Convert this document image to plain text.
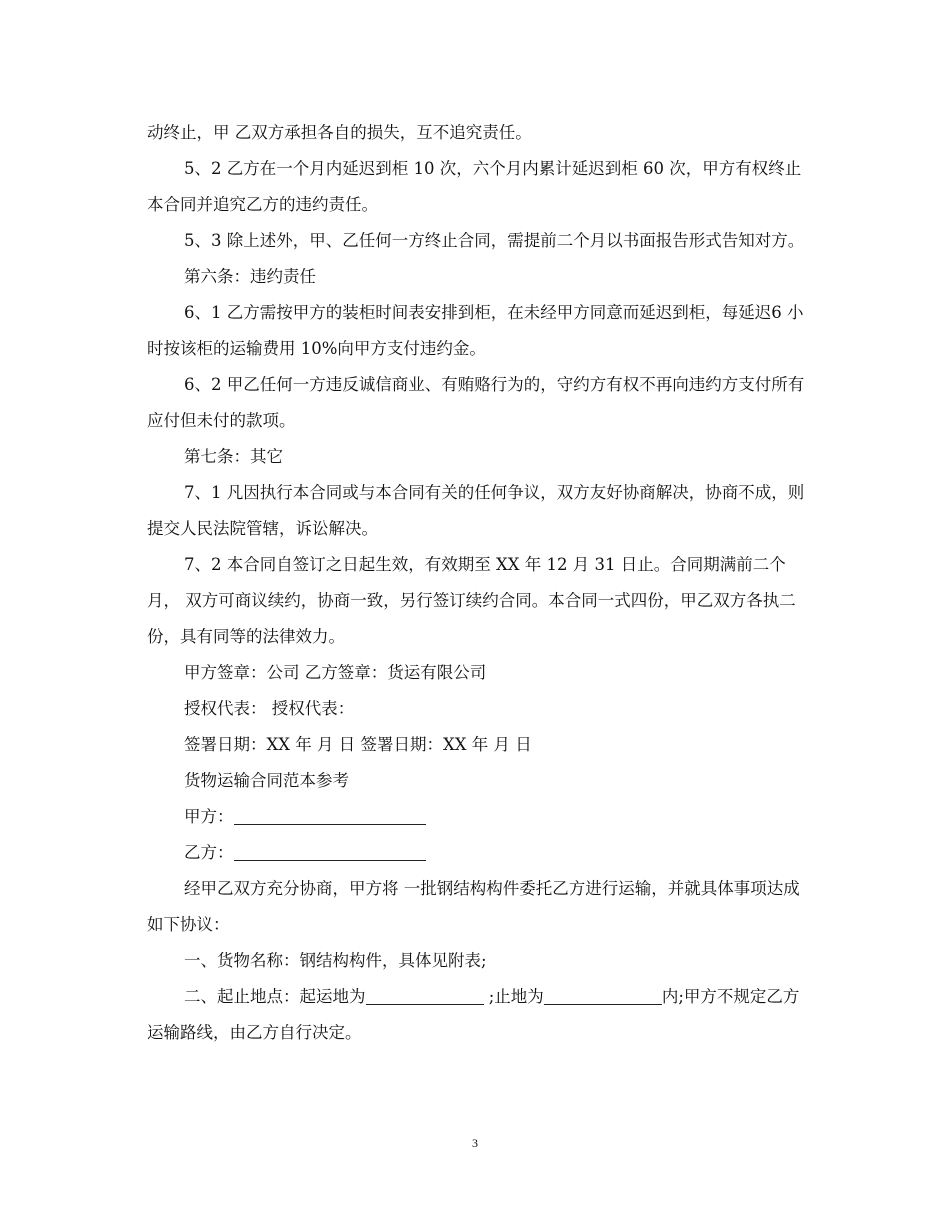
动终止，甲 乙双方承担各自的损失，互不追究责任。

5、2 乙方在一个月内延迟到柜 10 次，六个月内累计延迟到柜 60 次，甲方有权终止本合同并追究乙方的违约责任。

5、3 除上述外，甲、乙任何一方终止合同，需提前二个月以书面报告形式告知对方。

第六条：违约责任

6、1 乙方需按甲方的装柜时间表安排到柜，在未经甲方同意而延迟到柜，每延迟6 小时按该柜的运输费用 10%向甲方支付违约金。

6、2 甲乙任何一方违反诚信商业、有贿赂行为的，守约方有权不再向违约方支付所有应付但未付的款项。

第七条：其它

7、1 凡因执行本合同或与本合同有关的任何争议，双方友好协商解决，协商不成，则提交人民法院管辖，诉讼解决。

7、2 本合同自签订之日起生效，有效期至 XX 年 12 月 31 日止。合同期满前二个月， 双方可商议续约，协商一致，另行签订续约合同。本合同一式四份，甲乙双方各执二份，具有同等的法律效力。

甲方签章：公司 乙方签章：货运有限公司

授权代表： 授权代表：

签署日期：XX 年 月 日 签署日期：XX 年 月 日

货物运输合同范本参考

甲方：

乙方：

经甲乙双方充分协商，甲方将 一批钢结构构件委托乙方进行运输，并就具体事项达成如下协议：

一、货物名称：钢结构构件，具体见附表;

二、起止地点：起运地为	;止地为	内;甲方不规定乙方运输路线，由乙方自行决定。

3
